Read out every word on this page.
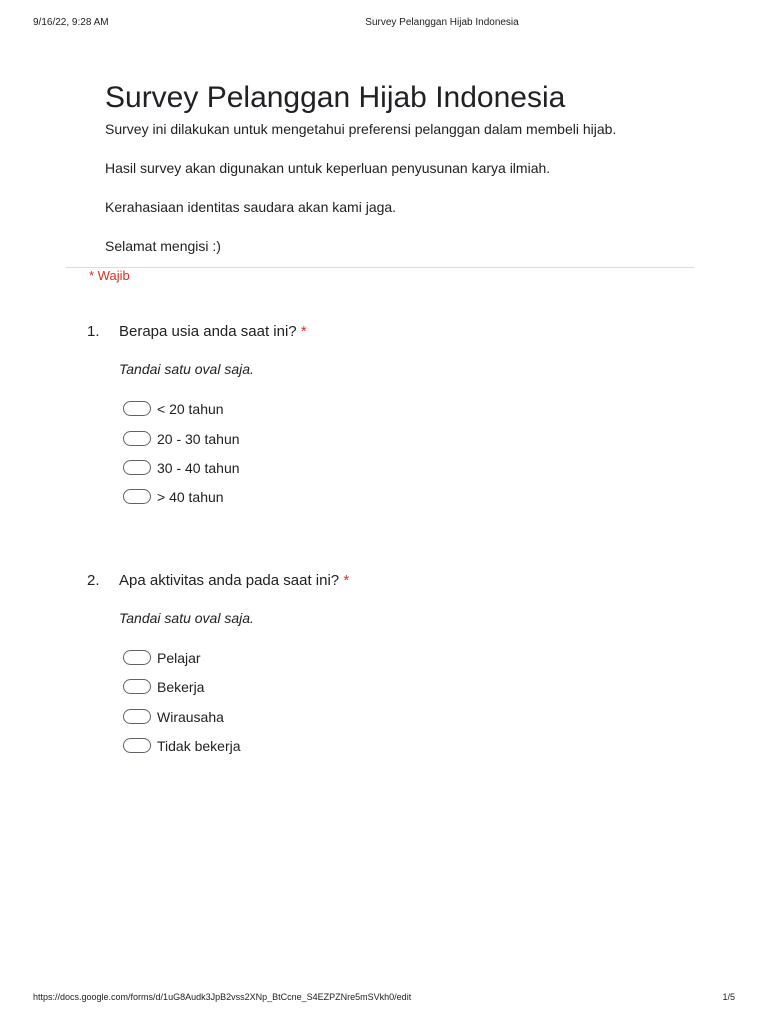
9/16/22, 9:28 AM	Survey Pelanggan Hijab Indonesia
Survey Pelanggan Hijab Indonesia
Survey ini dilakukan untuk mengetahui preferensi pelanggan dalam membeli hijab.
Hasil survey akan digunakan untuk keperluan penyusunan karya ilmiah.
Kerahasiaan identitas saudara akan kami jaga.
Selamat mengisi :)
* Wajib
1. Berapa usia anda saat ini? *
Tandai satu oval saja.
< 20 tahun
20 - 30 tahun
30 - 40 tahun
> 40 tahun
2. Apa aktivitas anda pada saat ini? *
Tandai satu oval saja.
Pelajar
Bekerja
Wirausaha
Tidak bekerja
https://docs.google.com/forms/d/1uG8Audk3JpB2vss2XNp_BtCcne_S4EZPZNre5mSVkh0/edit	1/5
